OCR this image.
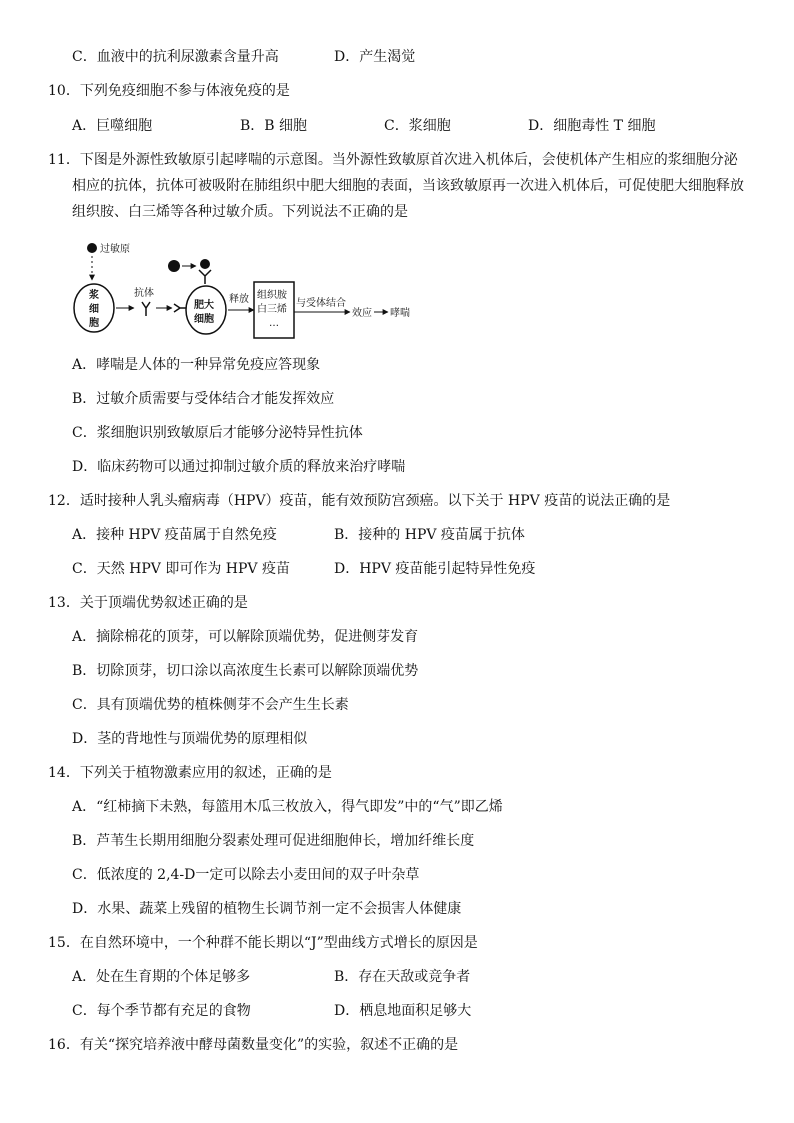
C．血液中的抗利尿激素含量升高	D．产生渴觉
10．下列免疫细胞不参与体液免疫的是
A．巨噬细胞	B．B 细胞	C．浆细胞	D．细胞毒性 T 细胞
11．下图是外源性致敏原引起哮喘的示意图。当外源性致敏原首次进入机体后，会使机体产生相应的浆细胞分泌
相应的抗体，抗体可被吸附在肺组织中肥大细胞的表面，当该致敏原再一次进入机体后，可促使肥大细胞释放
组织胺、白三烯等各种过敏介质。下列说法不正确的是
过敏原
浆
细
胞
抗体
肥大
细胞
释放 组织胺
白三烯
…
与受体结合
效应 哮喘
A．哮喘是人体的一种异常免疫应答现象
B．过敏介质需要与受体结合才能发挥效应
C．浆细胞识别致敏原后才能够分泌特异性抗体
D．临床药物可以通过抑制过敏介质的释放来治疗哮喘
12．适时接种人乳头瘤病毒（HPV）疫苗，能有效预防宫颈癌。以下关于 HPV 疫苗的说法正确的是
A．接种 HPV 疫苗属于自然免疫	B．接种的 HPV 疫苗属于抗体
C．天然 HPV 即可作为 HPV 疫苗	D．HPV 疫苗能引起特异性免疫
13．关于顶端优势叙述正确的是
A．摘除棉花的顶芽，可以解除顶端优势，促进侧芽发育
B．切除顶芽，切口涂以高浓度生长素可以解除顶端优势
C．具有顶端优势的植株侧芽不会产生生长素
D．茎的背地性与顶端优势的原理相似
14．下列关于植物激素应用的叙述，正确的是
A．“红柿摘下未熟，每篮用木瓜三枚放入，得气即发”中的“气”即乙烯
B．芦苇生长期用细胞分裂素处理可促进细胞伸长，增加纤维长度
C．低浓度的 2,4-D一定可以除去小麦田间的双子叶杂草
D．水果、蔬菜上残留的植物生长调节剂一定不会损害人体健康
15．在自然环境中，一个种群不能长期以“J”型曲线方式增长的原因是
A．处在生育期的个体足够多	B．存在天敌或竞争者
C．每个季节都有充足的食物	D．栖息地面积足够大
16．有关“探究培养液中酵母菌数量变化”的实验，叙述不正确的是
